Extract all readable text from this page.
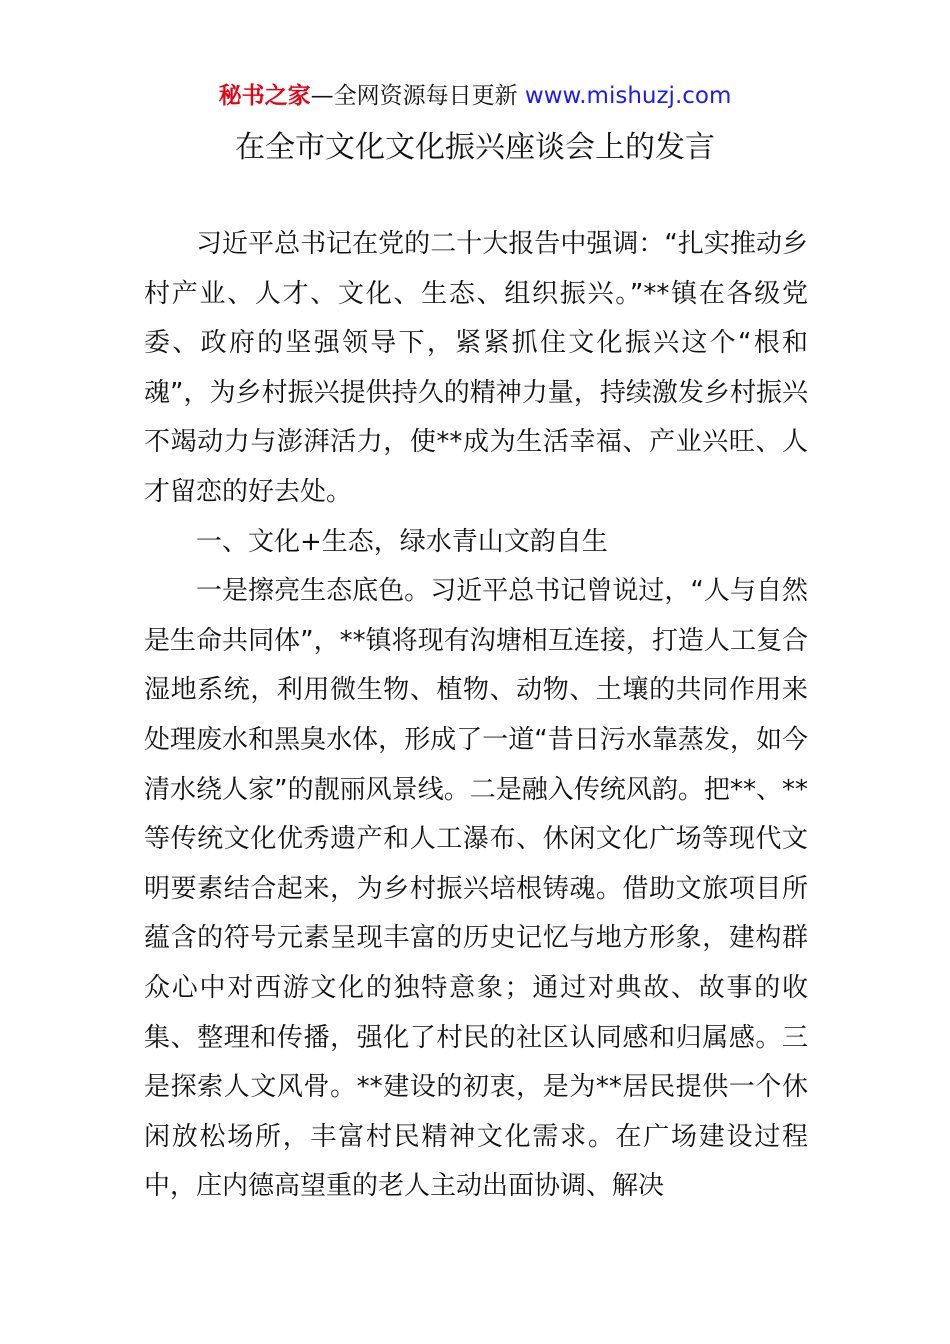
秘书之家—全网资源每日更新 www.mishuzj.com
在全市文化文化振兴座谈会上的发言

习近平总书记在党的二十大报告中强调：“扎实推动乡村产业、人才、文化、生态、组织振兴。”**镇在各级党委、政府的坚强领导下，紧紧抓住文化振兴这个“根和魂”，为乡村振兴提供持久的精神力量，持续激发乡村振兴不竭动力与澎湃活力，使**成为生活幸福、产业兴旺、人才留恋的好去处。

一、文化+生态，绿水青山文韵自生

一是擦亮生态底色。习近平总书记曾说过，“人与自然是生命共同体”，**镇将现有沟塘相互连接，打造人工复合湿地系统，利用微生物、植物、动物、土壤的共同作用来处理废水和黑臭水体，形成了一道“昔日污水靠蒸发，如今清水绕人家”的靓丽风景线。二是融入传统风韵。把**、**等传统文化优秀遗产和人工瀑布、休闲文化广场等现代文明要素结合起来，为乡村振兴培根铸魂。借助文旅项目所蕴含的符号元素呈现丰富的历史记忆与地方形象，建构群众心中对西游文化的独特意象；通过对典故、故事的收集、整理和传播，强化了村民的社区认同感和归属感。三是探索人文风骨。**建设的初衷，是为**居民提供一个休闲放松场所，丰富村民精神文化需求。在广场建设过程中，庄内德高望重的老人主动出面协调、解决
